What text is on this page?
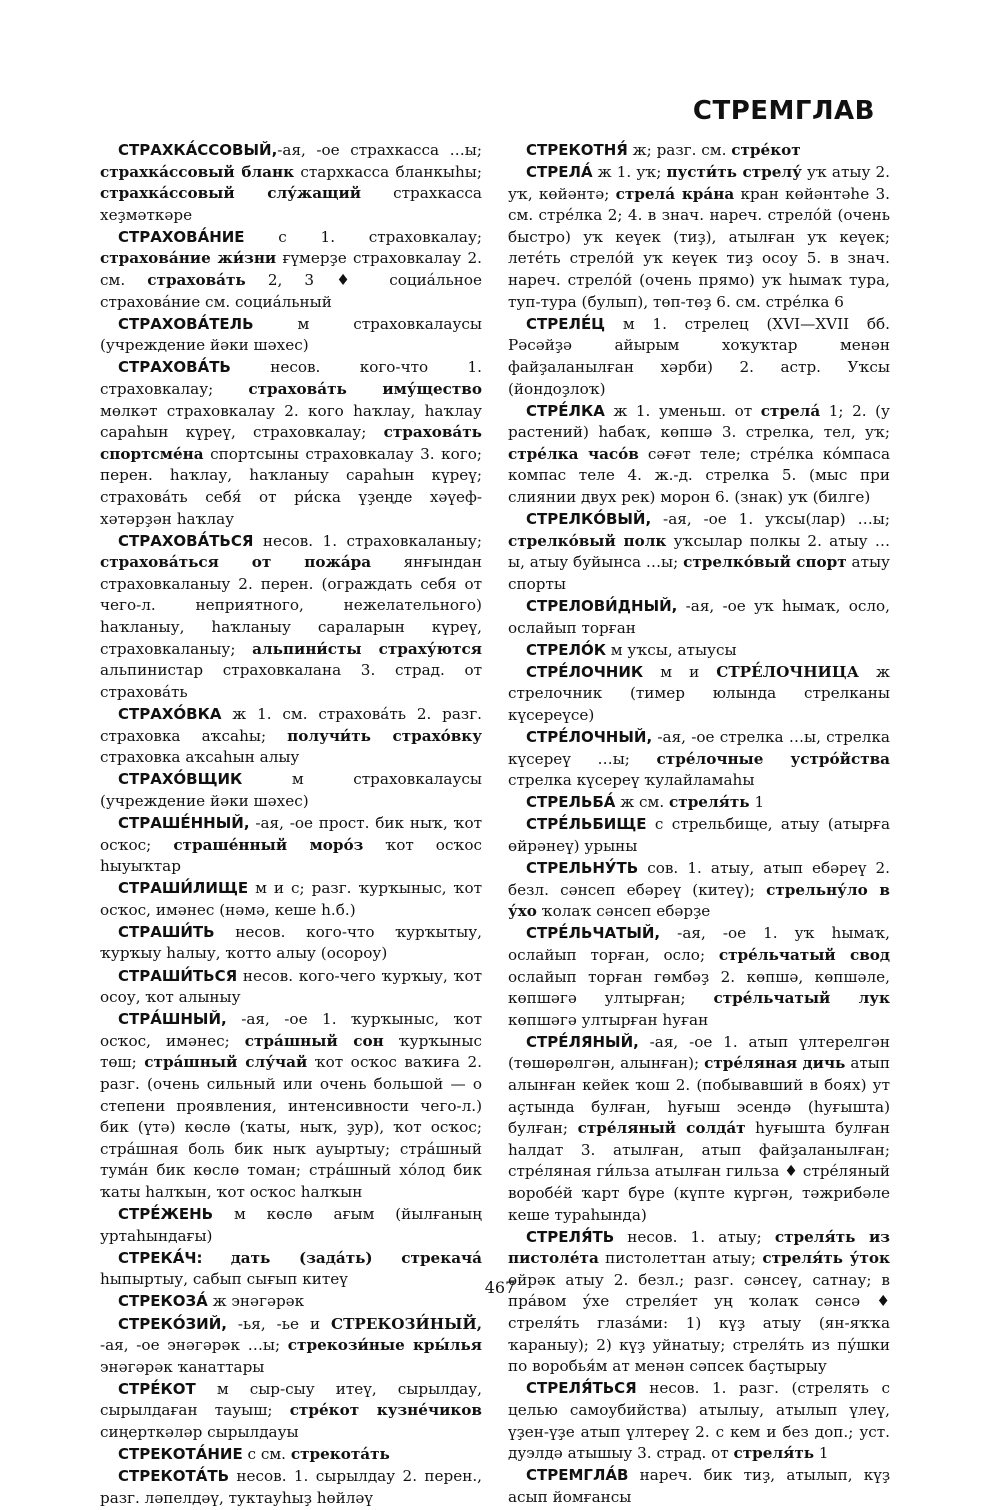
СТРЕМГЛАВ

СТРАХКА́ССОВЫЙ,-ая, -ое страхкасса …ы; страхка́ссовый бланк стархкасса бланкыһы; страхка́ссовый слу́жащий страхкасса хеҙмәткәре

СТРАХОВА́НИЕ с 1. страховкалау; страхова́ние жи́зни ғүмерҙе страховкалау 2. см. страхова́ть 2, 3 ♦ социа́льное страхова́ние см. социа́льный

СТРАХОВА́ТЕЛЬ м страховкалаусы (учреждение йәки шәхес)

СТРАХОВА́ТЬ несов. кого-что 1. страховкалау; страхова́ть иму́щество мөлкәт страховкалау 2. кого һаҡлау, һаҡлау сараһын күреү, страховкалау; страхова́ть спортсме́на спортсыны страховкалау 3. кого; перен. һаҡлау, һаҡланыу сараһын күреү; страхова́ть себя́ от ри́ска үҙеңде хәүеф-хәтәрҙән һаҡлау

СТРАХОВА́ТЬСЯ несов. 1. страховкаланыу; страхова́ться от пожа́ра янғындан страховкаланыу 2. перен. (ограждать себя от чего-л. неприятного, нежелательного) һаҡланыу, һаҡланыу сараларын күреү, страховкаланыу; альпини́сты страху́ются альпинистар страховкалана 3. страд. от страхова́ть

СТРАХО́ВКА ж 1. см. страхова́ть 2. разг. страховка аҡсаһы; получи́ть страхо́вку страховка аҡсаһын алыу

СТРАХО́ВЩИК м страховкалаусы (учреждение йәки шәхес)

СТРАШЕ́ННЫЙ, -ая, -ое прост. бик ныҡ, ҡот осҡос; страше́нный моро́з ҡот осҡос һыуыҡтар

СТРАШИ́ЛИЩЕ м и с; разг. ҡурҡыныс, ҡот осҡос, имәнес (нәмә, кеше һ.б.)

СТРАШИ́ТЬ несов. кого-что ҡурҡытыу, ҡурҡыу һалыу, ҡотто алыу (осороу)

СТРАШИ́ТЬСЯ несов. кого-чего ҡурҡыу, ҡот осоу, ҡот алыныу

СТРА́ШНЫЙ, -ая, -ое 1. ҡурҡыныс, ҡот осҡос, имәнес; стра́шный сон ҡурҡыныс төш; стра́шный слу́чай ҡот осҡос ваҡиға 2. разг. (очень сильный или очень большой — о степени проявления, интенсивности чего-л.) бик (үтә) көслө (ҡаты, ныҡ, ҙур), ҡот осҡос; стра́шная боль бик ныҡ ауыртыу; стра́шный тума́н бик көслө томан; стра́шный хо́лод бик ҡаты һалҡын, ҡот осҡос һалҡын

СТРЕ́ЖЕНЬ м көслө ағым (йылғаның уртаһындағы)

СТРЕКА́Ч: дать (зада́ть) стрекача́ һыпыртыу, сабып сығып китеү

СТРЕКОЗА́ ж энәгәрәк

СТРЕКО́ЗИЙ, -ья, -ье и СТРЕКОЗИ́НЫЙ, -ая, -ое энәгәрәк …ы; стрекози́ные кры́лья энәгәрәк ҡанаттары

СТРЕ́КОТ м сыр-сыу итеү, сырылдау, сырылдаған тауыш; стре́кот кузне́чиков сиңерткәләр сырылдауы

СТРЕКОТА́НИЕ с см. стрекота́ть

СТРЕКОТА́ТЬ несов. 1. сырылдау 2. перен., разг. ләпелдәү, туктауһыҙ һөйләү

СТРЕКОТНЯ́ ж; разг. см. стре́кот

СТРЕЛА́ ж 1. уҡ; пусти́ть стрелу́ уҡ атыу 2. уҡ, көйәнтә; стрела́ кра́на кран көйәнтәһе 3. см. стре́лка 2; 4. в знач. нареч. стрело́й (очень быстро) уҡ кеүек (тиҙ), атылған уҡ кеүек; лете́ть стрело́й уҡ кеүек тиҙ осоу 5. в знач. нареч. стрело́й (очень прямо) уҡ һымаҡ тура, туп-тура (булып), төп-төҙ 6. см. стре́лка 6

СТРЕЛЕ́Ц м 1. стрелец (XVI—XVII бб. Рәсәйҙә айырым хоҡуҡтар менән файҙаланылған хәрби) 2. астр. Уҡсы (йондоҙлоҡ)

СТРЕ́ЛКА ж 1. уменьш. от стрела́ 1; 2. (у растений) һабаҡ, көпшә 3. стрелка, тел, уҡ; стре́лка часо́в сәғәт теле; стре́лка ко́мпаса компас теле 4. ж.-д. стрелка 5. (мыс при слиянии двух рек) морон 6. (знак) уҡ (билге)

СТРЕЛКО́ВЫЙ, -ая, -ое 1. уҡсы(лар) …ы; стрелко́вый полк уҡсылар полкы 2. атыу …ы, атыу буйынса …ы; стрелко́вый спорт атыу спорты

СТРЕЛОВИ́ДНЫЙ, -ая, -ое уҡ һымаҡ, осло, ослайып торған

СТРЕЛО́К м уҡсы, атыусы

СТРЕ́ЛОЧНИК м и СТРЕ́ЛОЧНИЦА ж стрелочник (тимер юлында стрелканы күсереүсе)

СТРЕ́ЛОЧНЫЙ, -ая, -ое стрелка …ы, стрелка күсереү …ы; стре́лочные устро́йства стрелка күсереү ҡулайламаһы

СТРЕЛЬБА́ ж см. стреля́ть 1

СТРЕ́ЛЬБИЩЕ с стрельбище, атыу (атырға өйрәнеү) урыны

СТРЕЛЬНУ́ТЬ сов. 1. атыу, атып ебәреү 2. безл. сәнсеп ебәреү (китеү); стрельну́ло в у́хо ҡолаҡ сәнсеп ебәрҙе

СТРЕ́ЛЬЧАТЫЙ, -ая, -ое 1. уҡ һымаҡ, ослайып торған, осло; стре́льчатый свод ослайып торған гөмбәҙ 2. көпшә, көпшәле, көпшәгә ултырған; стре́льчатый лук көпшәгә ултырған һуған

СТРЕ́ЛЯНЫЙ, -ая, -ое 1. атып үлтерелгән (төшөрөлгән, алынған); стре́ляная дичь атып алынған кейек ҡош 2. (побывавший в боях) ут аҫтында булған, һуғыш эсендә (һуғышта) булған; стре́ляный солда́т һуғышта булған һалдат 3. атылған, атып файҙаланылған; стре́ляная ги́льза атылған гильза ♦ стре́ляный воробе́й ҡарт бүре (күпте күргән, тәжрибәле кеше тураһында)

СТРЕЛЯ́ТЬ несов. 1. атыу; стреля́ть из пистоле́та пистолеттан атыу; стреля́ть у́ток өйрәк атыу 2. безл.; разг. сәнсеү, сатнау; в пра́вом у́хе стреля́ет уң ҡолаҡ сәнсә ♦ стреля́ть глаза́ми: 1) күҙ атыу (ян-яҡҡа ҡараныу); 2) күҙ уйнатыу; стреля́ть из пу́шки по воробья́м ат менән сәпсек баҫтырыу

СТРЕЛЯ́ТЬСЯ несов. 1. разг. (стрелять с целью самоубийства) атылыу, атылып үлеү, үҙен-үҙе атып үлтереү 2. с кем и без доп.; уст. дуэлдә атышыу 3. страд. от стреля́ть 1

СТРЕМГЛА́В нареч. бик тиҙ, атылып, күҙ асып йомғансы

467
